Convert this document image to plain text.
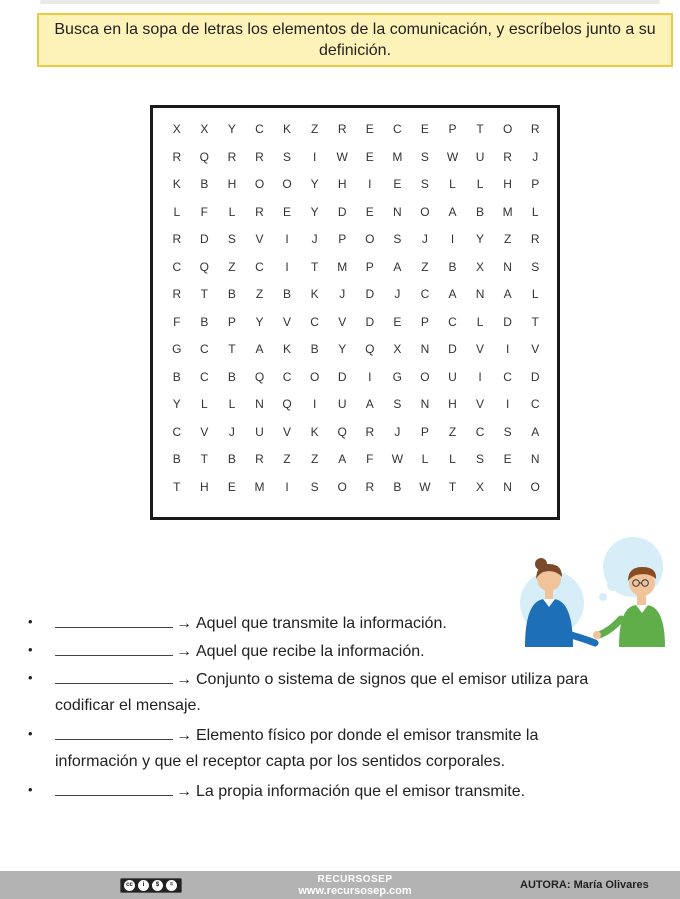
Busca en la sopa de letras los elementos de la comunicación, y escríbelos junto a su definición.
X	X	Y	C	K	Z	R	E	C	E	P	T	O	R
R	Q	R	R	S	I	W	E	M	S	W	U	R	J
K	B	H	O	O	Y	H	I	E	S	L	L	H	P
L	F	L	R	E	Y	D	E	N	O	A	B	M	L
R	D	S	V	I	J	P	O	S	J	I	Y	Z	R
C	Q	Z	C	I	T	M	P	A	Z	B	X	N	S
R	T	B	Z	B	K	J	D	J	C	A	N	A	L
F	B	P	Y	V	C	V	D	E	P	C	L	D	T
G	C	T	A	K	B	Y	Q	X	N	D	V	I	V
B	C	B	Q	C	O	D	I	G	O	U	I	C	D
Y	L	L	N	Q	I	U	A	S	N	H	V	I	C
C	V	J	U	V	K	Q	R	J	P	Z	C	S	A
B	T	B	R	Z	Z	A	F	W	L	L	S	E	N
T	H	E	M	I	S	O	R	B	W	T	X	N	O
•	→ Aquel que transmite la información.
•	→ Aquel que recibe la información.
•	→ Conjunto o sistema de signos que el emisor utiliza para
codificar el mensaje.
•	→ Elemento físico por donde el emisor transmite la
información y que el receptor capta por los sentidos corporales.
•	→ La propia información que el emisor transmite.
cc	i	$	=	RECURSOSEP
www.recursosep.com	AUTORA: María Olivares
